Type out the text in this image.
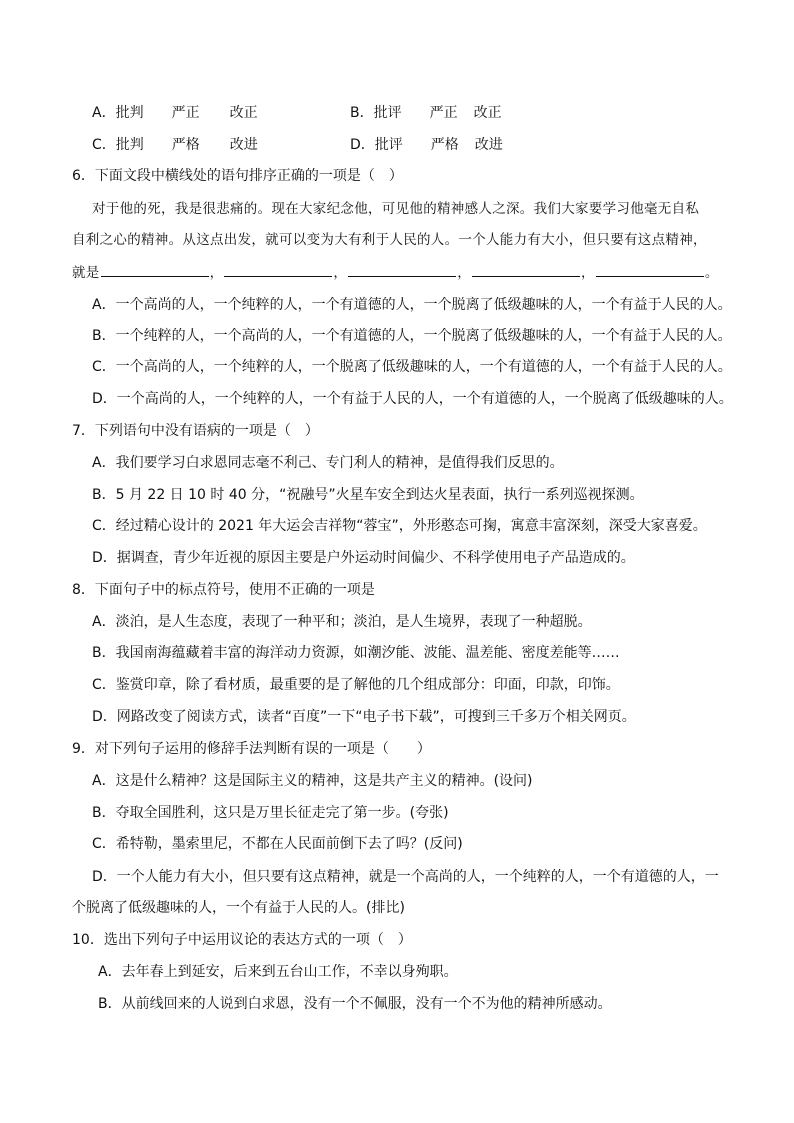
A．批判 严正 改正	B．批评 严正 改正
C．批判 严格 改进	D．批评 严格 改进
6．下面文段中横线处的语句排序正确的一项是（　）
对于他的死，我是很悲痛的。现在大家纪念他，可见他的精神感人之深。我们大家要学习他毫无自私
自利之心的精神。从这点出发，就可以变为大有利于人民的人。一个人能力有大小，但只要有这点精神，
就是	，	，	，	，	。
A．一个高尚的人，一个纯粹的人，一个有道德的人，一个脱离了低级趣味的人，一个有益于人民的人。
B．一个纯粹的人，一个高尚的人，一个有道德的人，一个脱离了低级趣味的人，一个有益于人民的人。
C．一个高尚的人，一个纯粹的人，一个脱离了低级趣味的人，一个有道德的人，一个有益于人民的人。
D．一个高尚的人，一个纯粹的人，一个有益于人民的人，一个有道德的人，一个脱离了低级趣味的人。
7．下列语句中没有语病的一项是（　）
A．我们要学习白求恩同志毫不利己、专门利人的精神，是值得我们反思的。
B．5 月 22 日 10 时 40 分，“祝融号”火星车安全到达火星表面，执行一系列巡视探测。
C．经过精心设计的 2021 年大运会吉祥物“蓉宝”，外形憨态可掬，寓意丰富深刻，深受大家喜爱。
D．据调查，青少年近视的原因主要是户外运动时间偏少、不科学使用电子产品造成的。
8．下面句子中的标点符号，使用不正确的一项是
A．淡泊，是人生态度，表现了一种平和；淡泊，是人生境界，表现了一种超脱。
B．我国南海蕴藏着丰富的海洋动力资源，如潮汐能、波能、温差能、密度差能等……
C．鉴赏印章，除了看材质，最重要的是了解他的几个组成部分：印面，印款，印饰。
D．网路改变了阅读方式，读者“百度”一下“电子书下载”，可搜到三千多万个相关网页。
9．对下列句子运用的修辞手法判断有误的一项是（　　）
A．这是什么精神？这是国际主义的精神，这是共产主义的精神。(设问)
B．夺取全国胜利，这只是万里长征走完了第一步。(夸张)
C．希特勒，墨索里尼，不都在人民面前倒下去了吗？(反问)
D．一个人能力有大小，但只要有这点精神，就是一个高尚的人，一个纯粹的人，一个有道德的人，一
个脱离了低级趣味的人，一个有益于人民的人。(排比)
10．选出下列句子中运用议论的表达方式的一项（　）
A．去年春上到延安，后来到五台山工作，不幸以身殉职。
B．从前线回来的人说到白求恩，没有一个不佩服，没有一个不为他的精神所感动。
